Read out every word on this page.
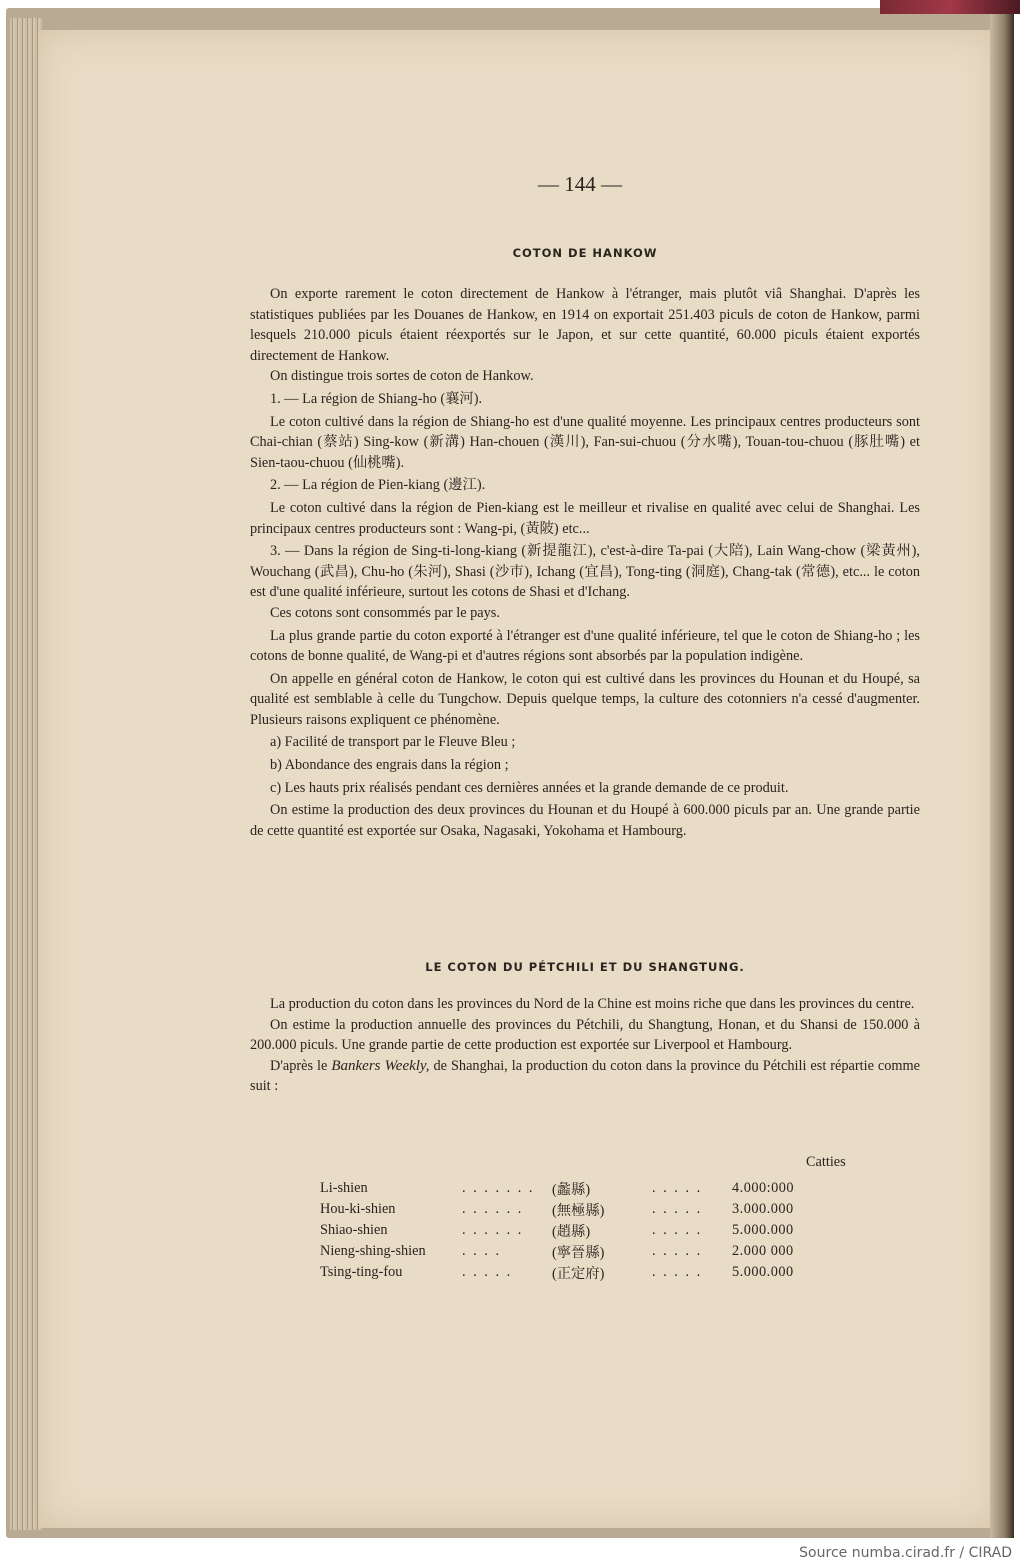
— 144 —
COTON DE HANKOW

On exporte rarement le coton directement de Hankow à l'étranger, mais plutôt viâ Shanghai. D'après les statistiques publiées par les Douanes de Hankow, en 1914 on exportait 251.403 piculs de coton de Hankow, parmi lesquels 210.000 piculs étaient réexportés sur le Japon, et sur cette quantité, 60.000 piculs étaient exportés directement de Hankow.

On distingue trois sortes de coton de Hankow.

1. — La région de Shiang-ho (襄河).

Le coton cultivé dans la région de Shiang-ho est d'une qualité moyenne. Les principaux centres producteurs sont Chai-chian (蔡站) Sing-kow (新溝) Han-chouen (漢川), Fan-sui-chuou (分水嘴), Touan-tou-chuou (豚肚嘴) et Sien-taou-chuou (仙桃嘴).

2. — La région de Pien-kiang (邊江).

Le coton cultivé dans la région de Pien-kiang est le meilleur et rivalise en qualité avec celui de Shanghai. Les principaux centres producteurs sont : Wang-pi, (黃陂) etc...

3. — Dans la région de Sing-ti-long-kiang (新提龍江), c'est-à-dire Ta-pai (大陪), Lain Wang-chow (梁黃州), Wouchang (武昌), Chu-ho (朱河), Shasi (沙市), Ichang (宜昌), Tong-ting (洞庭), Chang-tak (常德), etc... le coton est d'une qualité inférieure, surtout les cotons de Shasi et d'Ichang.

Ces cotons sont consommés par le pays.

La plus grande partie du coton exporté à l'étranger est d'une qualité inférieure, tel que le coton de Shiang-ho ; les cotons de bonne qualité, de Wang-pi et d'autres régions sont absorbés par la population indigène.

On appelle en général coton de Hankow, le coton qui est cultivé dans les provinces du Hounan et du Houpé, sa qualité est semblable à celle du Tungchow. Depuis quelque temps, la culture des cotonniers n'a cessé d'augmenter. Plusieurs raisons expliquent ce phénomène.

a) Facilité de transport par le Fleuve Bleu ;

b) Abondance des engrais dans la région ;

c) Les hauts prix réalisés pendant ces dernières années et la grande demande de ce produit.

On estime la production des deux provinces du Hounan et du Houpé à 600.000 piculs par an. Une grande partie de cette quantité est exportée sur Osaka, Nagasaki, Yokohama et Hambourg.

LE COTON DU PÉTCHILI ET DU SHANGTUNG.

La production du coton dans les provinces du Nord de la Chine est moins riche que dans les provinces du centre.

On estime la production annuelle des provinces du Pétchili, du Shangtung, Honan, et du Shansi de 150.000 à 200.000 piculs. Une grande partie de cette production est exportée sur Liverpool et Hambourg.

D'après le Bankers Weekly, de Shanghai, la production du coton dans la province du Pétchili est répartie comme suit :

Catties
Li-shien	. . . . . . .	(蠡縣)	. . . . .	4.000:000
Hou-ki-shien	. . . . . .	(無極縣)	. . . . .	3.000.000
Shiao-shien	. . . . . .	(趙縣)	. . . . .	5.000.000
Nieng-shing-shien	. . . .	(寧晉縣)	. . . . .	2.000 000
Tsing-ting-fou	. . . . .	(正定府)	. . . . .	5.000.000
Source numba.cirad.fr / CIRAD
